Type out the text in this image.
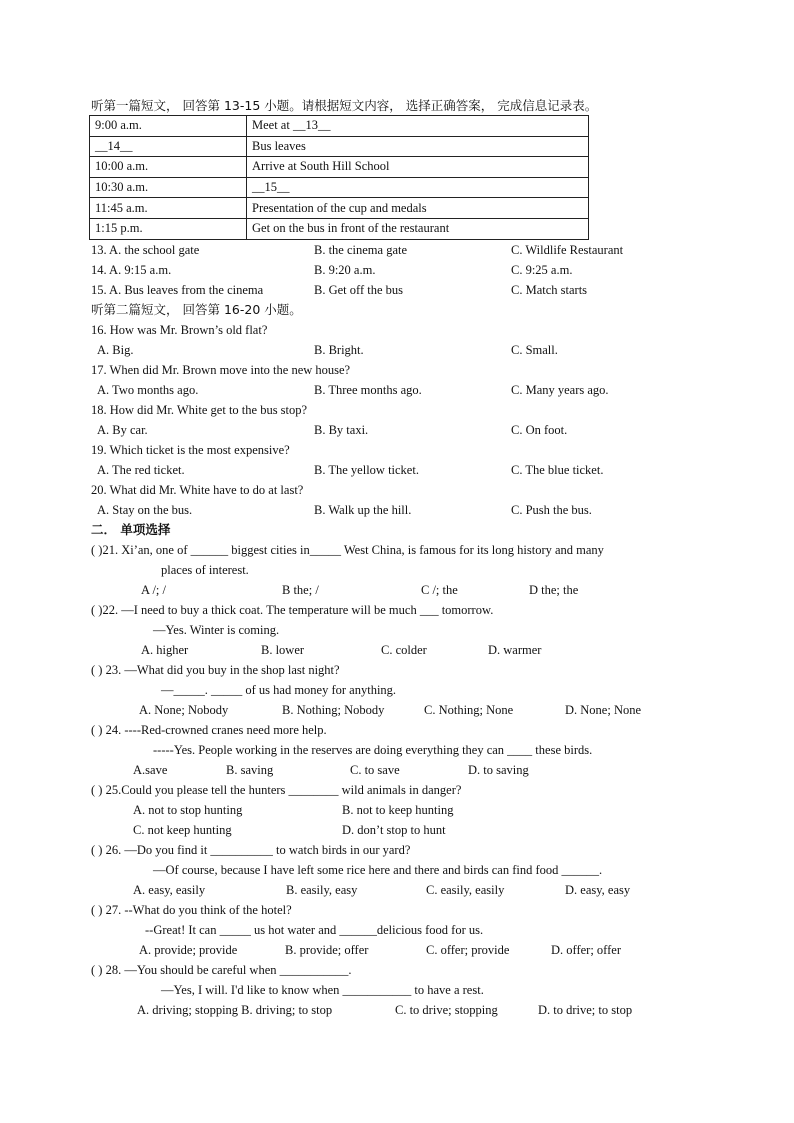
听第一篇短文， 回答第 13-15 小题。请根据短文内容， 选择正确答案， 完成信息记录表。
9:00 a.m.	Meet at __13__
__14__	Bus leaves
10:00 a.m.	Arrive at South Hill School
10:30 a.m.	__15__
11:45 a.m.	Presentation of the cup and medals
1:15 p.m.	Get on the bus in front of the restaurant
13. A. the school gate	B. the cinema gate	C. Wildlife Restaurant
14. A. 9:15 a.m.	B. 9:20 a.m.	C. 9:25 a.m.
15. A. Bus leaves from the cinema	B. Get off the bus	C. Match starts
听第二篇短文， 回答第 16-20 小题。
16. How was Mr. Brown’s old flat?
A. Big.	B. Bright.	C. Small.
17. When did Mr. Brown move into the new house?
A. Two months ago.	B. Three months ago.	C. Many years ago.
18. How did Mr. White get to the bus stop?
A. By car.	B. By taxi.	C. On foot.
19. Which ticket is the most expensive?
A. The red ticket.	B. The yellow ticket.	C. The blue ticket.
20. What did Mr. White have to do at last?
A. Stay on the bus.	B. Walk up the hill.	C. Push the bus.
二． 单项选择
( )21. Xi’an, one of ______ biggest cities in_____ West China, is famous for its long history and many
places of interest.
A /; /	B the; /	C /; the	D the; the
( )22. —I need to buy a thick coat. The temperature will be much ___ tomorrow.
—Yes. Winter is coming.
A. higher	B. lower	C. colder	D. warmer
( ) 23. —What did you buy in the shop last night?
—_____. _____ of us had money for anything.
A. None; Nobody	B. Nothing; Nobody	C. Nothing; None	D. None; None
( ) 24. ----Red-crowned cranes need more help.
-----Yes. People working in the reserves are doing everything they can ____ these birds.
A.save	B. saving	C. to save	D. to saving
( ) 25.Could you please tell the hunters ________ wild animals in danger?
A. not to stop hunting	B. not to keep hunting
C. not keep hunting	D. don’t stop to hunt
( ) 26. —Do you find it __________ to watch birds in our yard?
—Of course, because I have left some rice here and there and birds can find food ______.
A. easy, easily	B. easily, easy	C. easily, easily	D. easy, easy
( ) 27. --What do you think of the hotel?
--Great! It can _____ us hot water and ______delicious food for us.
A. provide; provide	B. provide; offer	C. offer; provide	D. offer; offer
( ) 28. —You should be careful when ___________.
—Yes, I will. I'd like to know when ___________ to have a rest.
A. driving; stopping B. driving; to stop	C. to drive; stopping	D. to drive; to stop
